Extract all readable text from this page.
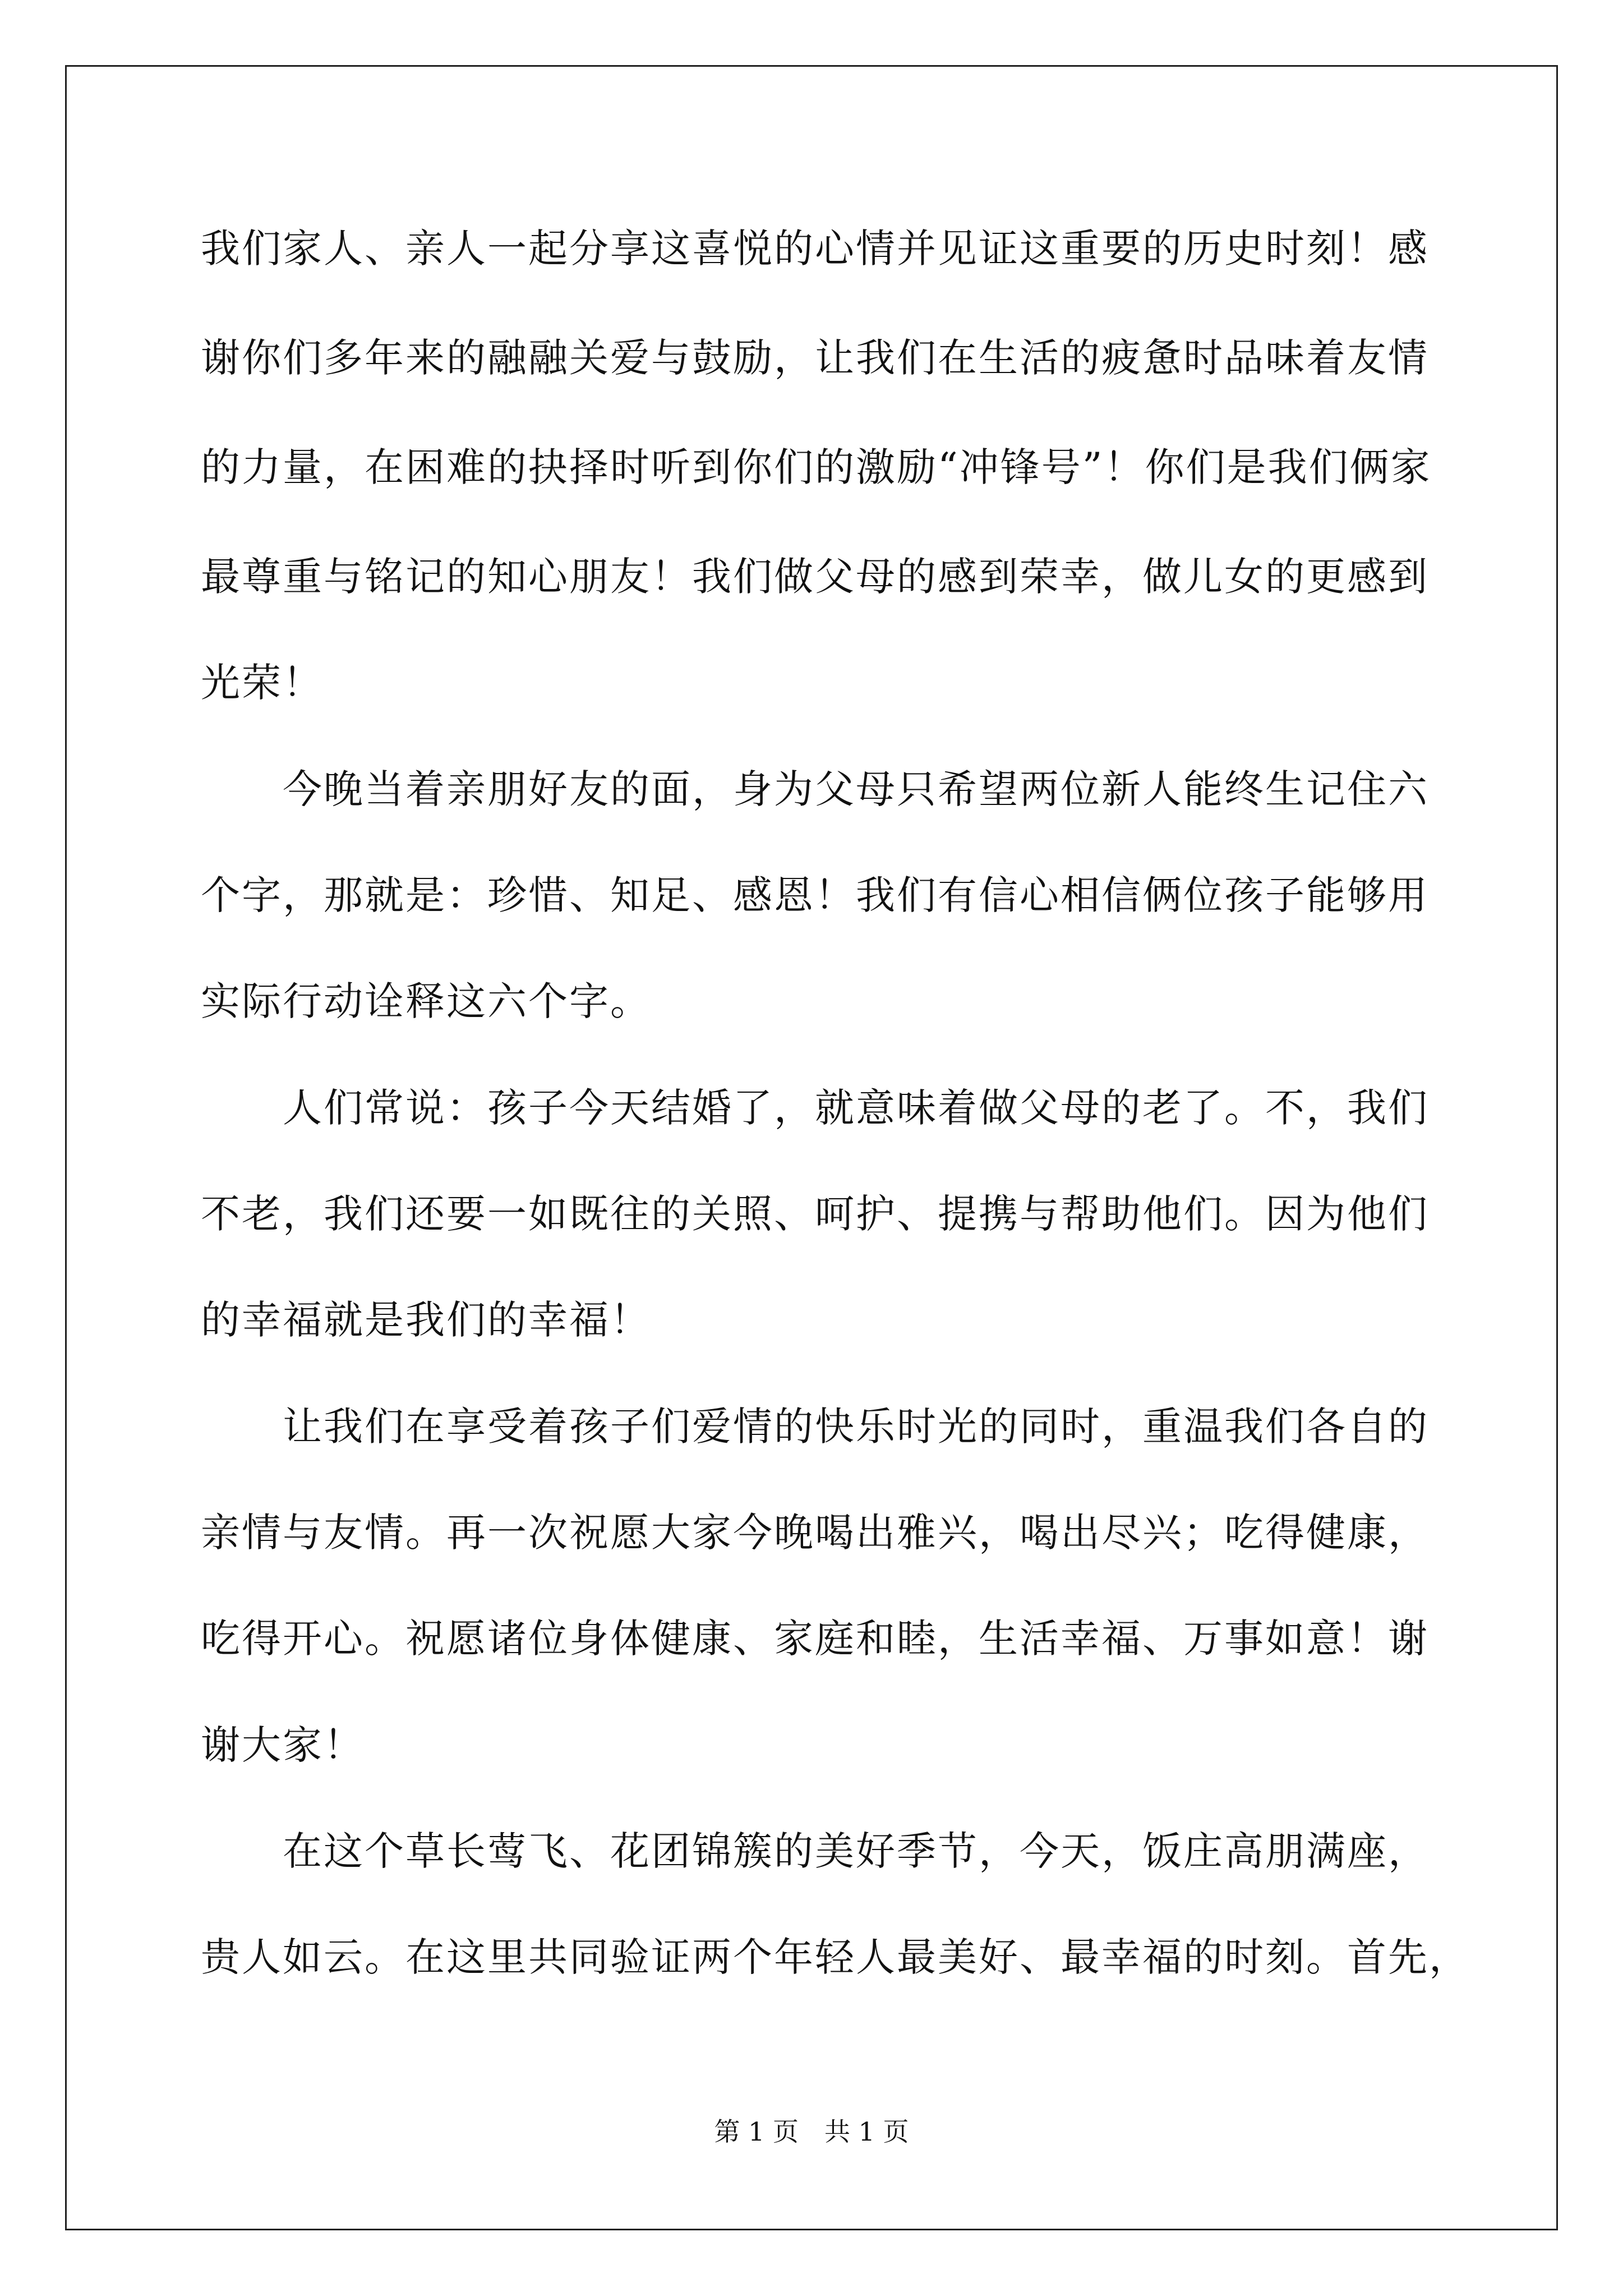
我们家人、亲人一起分享这喜悦的心情并见证这重要的历史时刻！感
谢你们多年来的融融关爱与鼓励，让我们在生活的疲惫时品味着友情
的力量，在困难的抉择时听到你们的激励“冲锋号”！你们是我们俩家
最尊重与铭记的知心朋友！我们做父母的感到荣幸，做儿女的更感到
光荣！
　　今晚当着亲朋好友的面，身为父母只希望两位新人能终生记住六
个字，那就是：珍惜、知足、感恩！我们有信心相信俩位孩子能够用
实际行动诠释这六个字。
　　人们常说：孩子今天结婚了，就意味着做父母的老了。不，我们
不老，我们还要一如既往的关照、呵护、提携与帮助他们。因为他们
的幸福就是我们的幸福！
　　让我们在享受着孩子们爱情的快乐时光的同时，重温我们各自的
亲情与友情。再一次祝愿大家今晚喝出雅兴，喝出尽兴；吃得健康，
吃得开心。祝愿诸位身体健康、家庭和睦，生活幸福、万事如意！谢
谢大家！
　　在这个草长莺飞、花团锦簇的美好季节，今天，饭庄高朋满座，
贵人如云。在这里共同验证两个年轻人最美好、最幸福的时刻。首先，
第 1 页　共 1 页
